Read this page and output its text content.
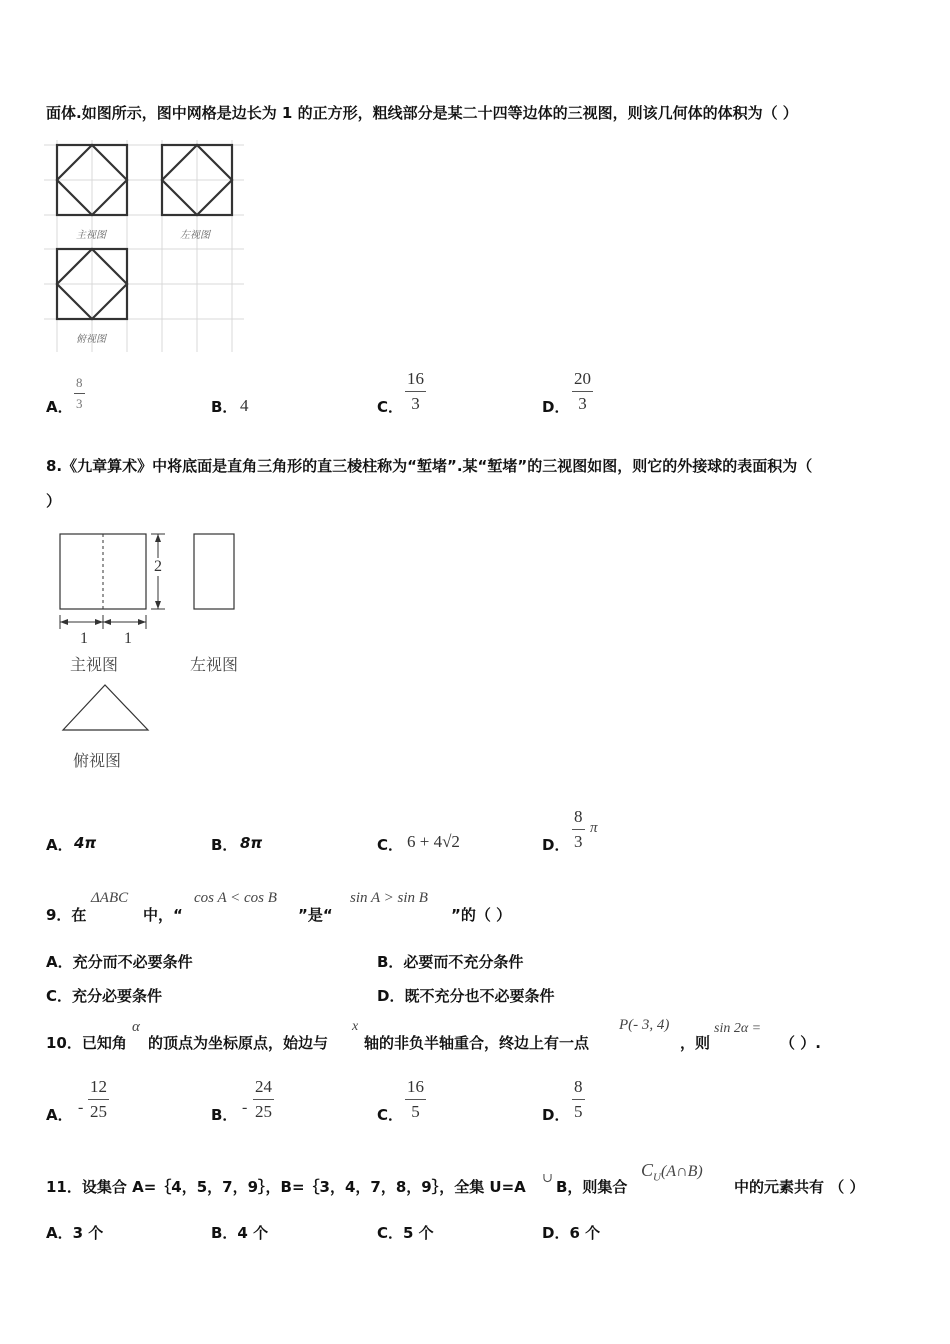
面体.如图所示，图中网格是边长为 1 的正方形，粗线部分是某二十四等边体的三视图，则该几何体的体积为（ ）
主视图	左视图
俯视图
A． $\frac{8}{3}$	B． 4	C． $\frac{16}{3}$	D． $\frac{20}{3}$
8.《九章算术》中将底面是直角三角形的直三棱柱称为“堑堵”.某“堑堵”的三视图如图，则它的外接球的表面积为（
）
2
1 1
主视图	左视图
俯视图
A． 4π	B． 8π	C． 6 + 4√2	D． $\frac{8}{3}$ π
9．在
ΔABC
中，“
cos A < cos B
”是“
sin A > sin B
”的（ ）
A．充分而不必要条件	B．必要而不充分条件
C．充分必要条件	D．既不充分也不必要条件
10．已知角
α
的顶点为坐标原点，始边与
x
轴的非负半轴重合，终边上有一点
P(- 3, 4)
，则
sin 2α =
（ ）.
A． - $\frac{12}{25}$	B． - $\frac{24}{25}$	C． $\frac{16}{5}$	D． $\frac{8}{5}$
11．设集合 A=｛4，5，7，9｝，B=｛3，4，7，8，9｝，全集 U=A
∪
B，则集合
$C_U(A\cap B)$
中的元素共有 （ ）
A．3 个	B．4 个	C．5 个	D．6 个
